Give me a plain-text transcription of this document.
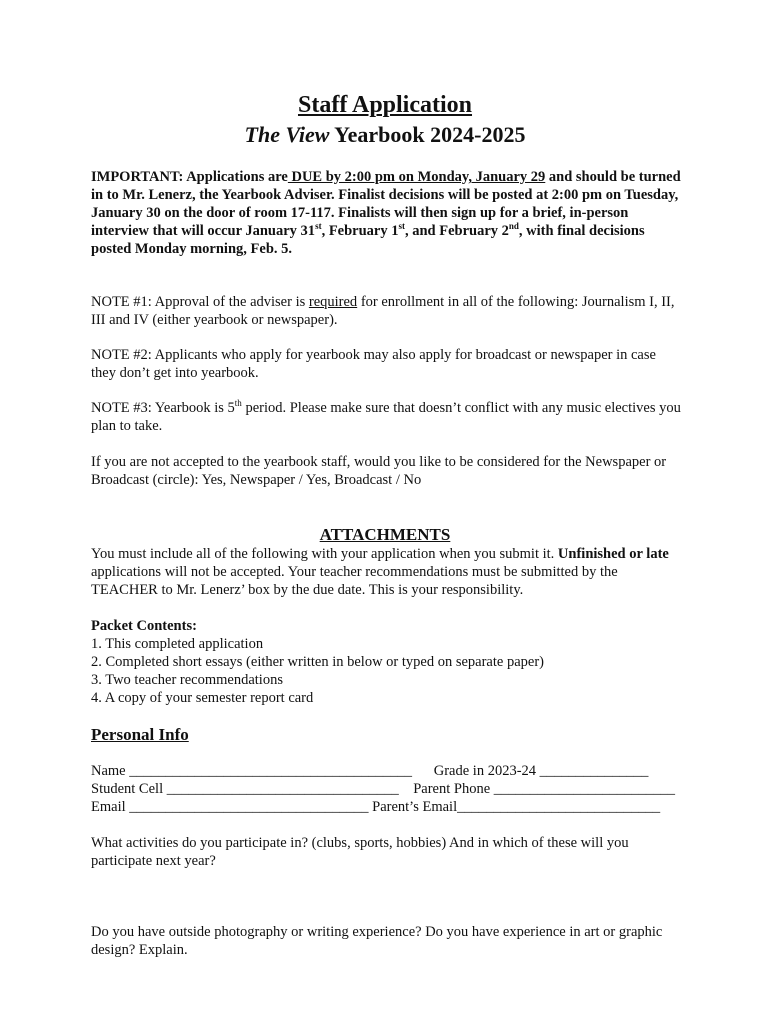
Staff Application
The View Yearbook 2024-2025

IMPORTANT: Applications are DUE by 2:00 pm on Monday, January 29 and should be turned in to Mr. Lenerz, the Yearbook Adviser. Finalist decisions will be posted at 2:00 pm on Tuesday, January 30 on the door of room 17-117. Finalists will then sign up for a brief, in-person interview that will occur January 31st, February 1st, and February 2nd, with final decisions posted Monday morning, Feb. 5.

NOTE #1: Approval of the adviser is required for enrollment in all of the following: Journalism I, II, III and IV (either yearbook or newspaper).

NOTE #2: Applicants who apply for yearbook may also apply for broadcast or newspaper in case they don’t get into yearbook.

NOTE #3: Yearbook is 5th period. Please make sure that doesn’t conflict with any music electives you plan to take.

If you are not accepted to the yearbook staff, would you like to be considered for the Newspaper or Broadcast (circle): Yes, Newspaper / Yes, Broadcast / No

ATTACHMENTS

You must include all of the following with your application when you submit it. Unfinished or late applications will not be accepted. Your teacher recommendations must be submitted by the TEACHER to Mr. Lenerz’ box by the due date. This is your responsibility.

Packet Contents:

1. This completed application
2. Completed short essays (either written in below or typed on separate paper)
3. Two teacher recommendations
4. A copy of your semester report card
Personal Info
Name _______________________________________      Grade in 2023-24 _______________
Student Cell ________________________________    Parent Phone _________________________
Email _________________________________ Parent’s Email____________________________

What activities do you participate in? (clubs, sports, hobbies) And in which of these will you participate next year?

Do you have outside photography or writing experience? Do you have experience in art or graphic design? Explain.
